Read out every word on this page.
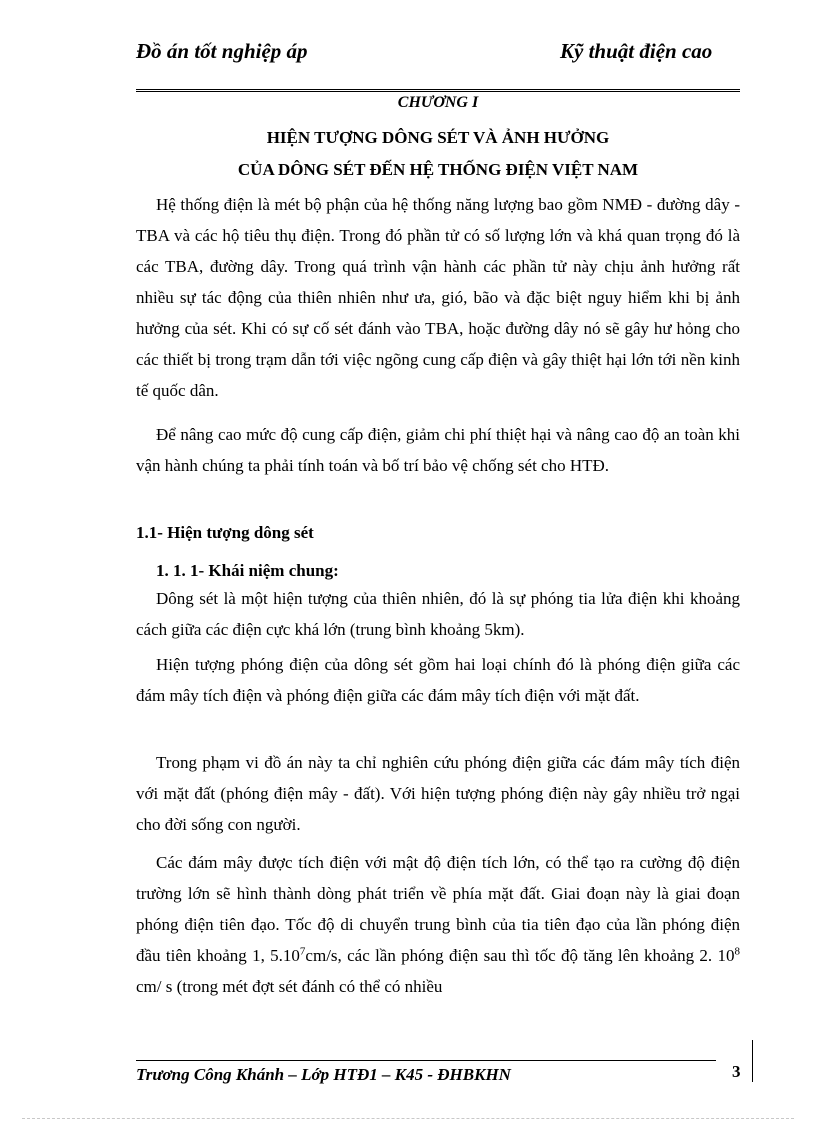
Đồ án tốt nghiệp áp	Kỹ thuật điện cao
CHƯƠNG I
HIỆN TƯỢNG DÔNG SÉT VÀ ẢNH HƯỞNG
CỦA DÔNG SÉT ĐẾN HỆ THỐNG ĐIỆN VIỆT NAM

Hệ thống điện là mét bộ phận của hệ thống năng lượng bao gồm NMĐ - đường dây - TBA và các hộ tiêu thụ điện. Trong đó phần tử có số lượng lớn và khá quan trọng đó là các TBA, đường dây. Trong quá trình vận hành các phần tử này chịu ảnh hưởng rất nhiều sự tác động của thiên nhiên như ưa, gió, bão và đặc biệt nguy hiểm khi bị ảnh hưởng của sét. Khi có sự cố sét đánh vào TBA, hoặc đường dây nó sẽ gây hư hỏng cho các thiết bị trong trạm dẫn tới việc ngõng cung cấp điện và gây thiệt hại lớn tới nền kinh tế quốc dân.

Để nâng cao mức độ cung cấp điện, giảm chi phí thiệt hại và nâng cao độ an toàn khi vận hành chúng ta phải tính toán và bố trí bảo vệ chống sét cho HTĐ.

1.1- Hiện tượng dông sét
1. 1. 1- Khái niệm chung:

Dông sét là một hiện tượng của thiên nhiên, đó là sự phóng tia lửa điện khi khoảng cách giữa các điện cực khá lớn (trung bình khoảng 5km).

Hiện tượng phóng điện của dông sét gồm hai loại chính đó là phóng điện giữa các đám mây tích điện và phóng điện giữa các đám mây tích điện với mặt đất.

Trong phạm vi đồ án này ta chỉ nghiên cứu phóng điện giữa các đám mây tích điện với mặt đất (phóng điện mây - đất). Với hiện tượng phóng điện này gây nhiều trở ngại cho đời sống con người.

Các đám mây được tích điện với mật độ điện tích lớn, có thể tạo ra cường độ điện trường lớn sẽ hình thành dòng phát triển về phía mặt đất. Giai đoạn này là giai đoạn phóng điện tiên đạo. Tốc độ di chuyển trung bình của tia tiên đạo của lần phóng điện đầu tiên khoảng 1, 5.10$^7$cm/s, các lần phóng điện sau thì tốc độ tăng lên khoảng 2. $10^8$ cm/ s (trong mét đợt sét đánh có thể có nhiều

Trương Công Khánh – Lớp HTĐ1 – K45 - ĐHBKHN	3
